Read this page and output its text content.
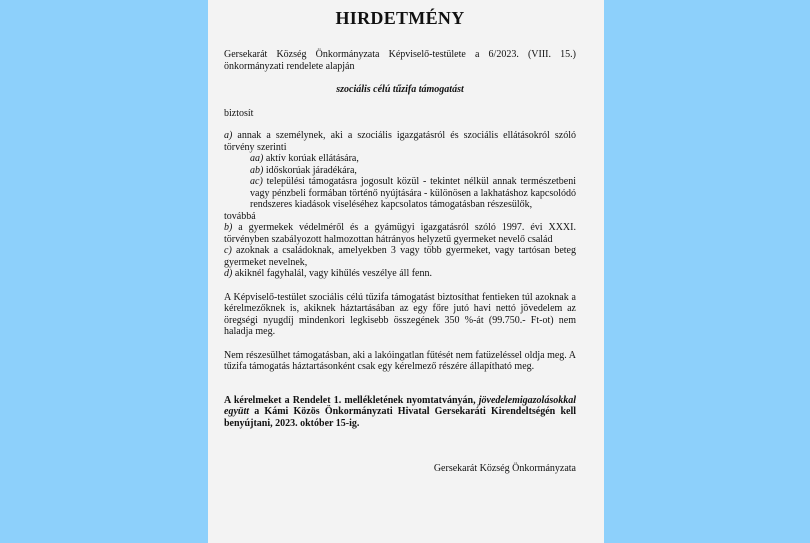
HIRDETMÉNY

Gersekarát Község Önkormányzata Képviselő-testülete a 6/2023. (VIII. 15.) önkormányzati rendelete alapján

szociális célú tűzifa támogatást

biztosít

a) annak a személynek, aki a szociális igazgatásról és szociális ellátásokról szóló törvény szerinti

aa) aktív korúak ellátására,

ab) időskorúak járadékára,

ac) települési támogatásra jogosult közül - tekintet nélkül annak természetbeni vagy pénzbeli formában történő nyújtására - különösen a lakhatáshoz kapcsolódó rendszeres kiadások viseléséhez kapcsolatos támogatásban részesülők,

továbbá

b) a gyermekek védelméről és a gyámügyi igazgatásról szóló 1997. évi XXXI. törvényben szabályozott halmozottan hátrányos helyzetű gyermeket nevelő család

c) azoknak a családoknak, amelyekben 3 vagy több gyermeket, vagy tartósan beteg gyermeket nevelnek,

d) akiknél fagyhalál, vagy kihűlés veszélye áll fenn.

A Képviselő-testület szociális célú tűzifa támogatást biztosíthat fentieken túl azoknak a kérelmezőknek is, akiknek háztartásában az egy főre jutó havi nettó jövedelem az öregségi nyugdíj mindenkori legkisebb összegének 350 %-át (99.750.- Ft-ot) nem haladja meg.

Nem részesülhet támogatásban, aki a lakóingatlan fűtését nem fatüzeléssel oldja meg. A tűzifa támogatás háztartásonként csak egy kérelmező részére állapítható meg.

A kérelmeket a Rendelet 1. mellékletének nyomtatványán, jövedelemigazolásokkal együtt a Kámi Közös Önkormányzati Hivatal Gersekaráti Kirendeltségén kell benyújtani, 2023. október 15-ig.

Gersekarát Község Önkormányzata
